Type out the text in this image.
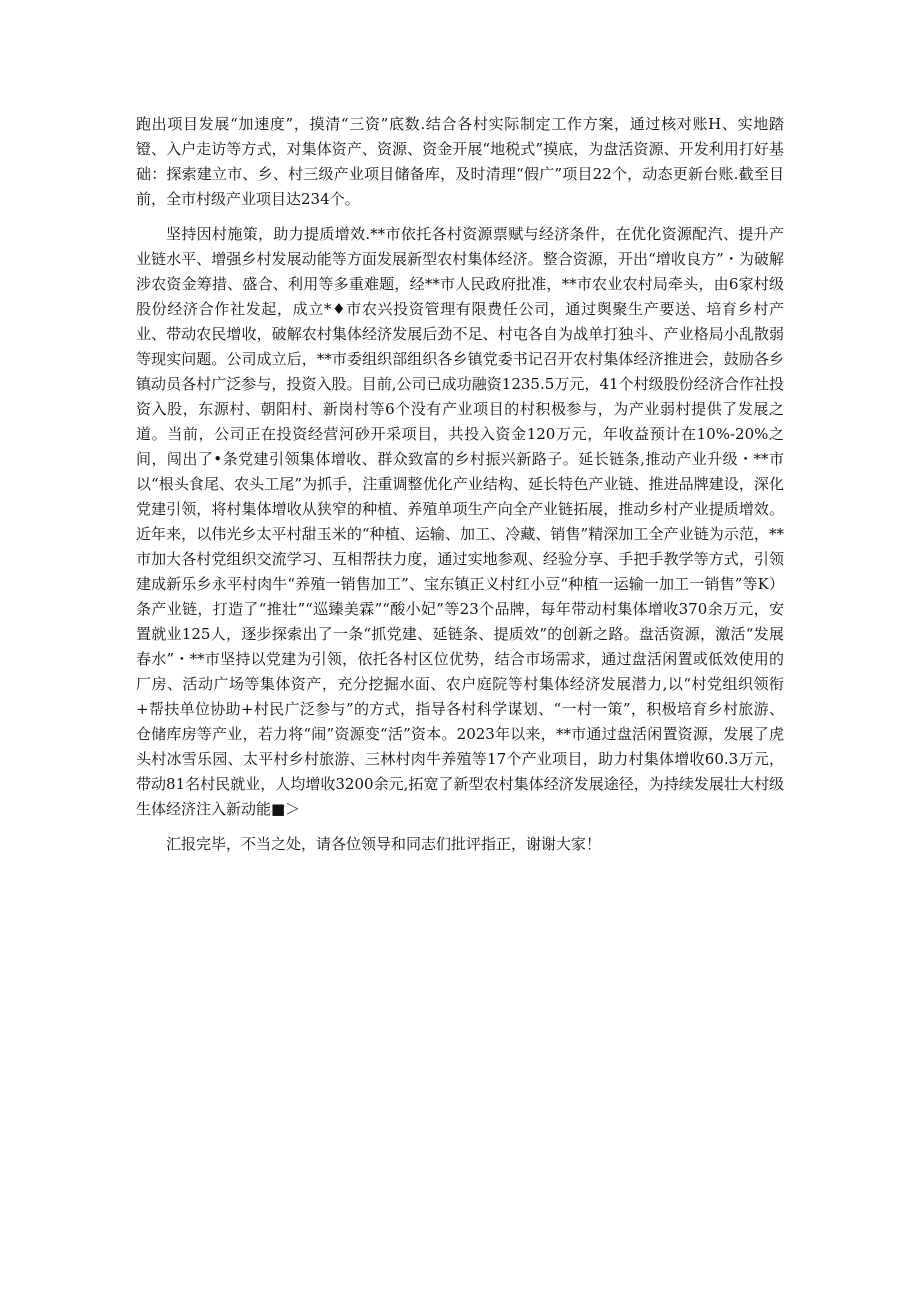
跑出项目发展“加速度”，摸清“三资”底数.结合各村实际制定工作方案，通过核对账H、实地踏镫、入户走访等方式，对集体资产、资源、资金开展“地税式”摸底，为盘活资源、开发利用打好基础：探索建立市、乡、村三级产业项目储备库，及时清理“假广”项目22个，动态更新台账.截至目前，全市村级产业项目达234个。

坚持因村施策，助力提质增效.**市依托各村资源票赋与经济条件，在优化资源配汽、提升产业链水平、增强乡村发展动能等方面发展新型农村集体经济。整合资源，开出“增收良方”・为破解涉农资金筹措、盛合、利用等多重难题，经**市人民政府批准，**市农业农村局牵头，由6家村级股份经济合作社发起，成立*♦市农兴投资管理有限费任公司，通过舆聚生产要送、培育乡村产业、带动农民增收，破解农村集体经济发展后劲不足、村屯各自为战单打独斗、产业格局小乱散弱等现实问题。公司成立后，**市委组织部组织各乡镇党委书记召开农村集体经济推进会，鼓励各乡镇动员各村广泛参与，投资入股。目前,公司已成功融资1235.5万元，41个村级股份经济合作社投资入股，东源村、朝阳村、新岗村等6个没有产业项目的村积极参与，为产业弱村提供了发展之道。当前，公司正在投资经营河砂开采项目，共投入资金120万元，年收益预计在10%-20%之间，闯出了•条党建引领集体增收、群众致富的乡村振兴新路子。延长链条,推动产业升级・**市以“根头食尾、农头工尾”为抓手，注重调整优化产业结构、延长特色产业链、推进品牌建设，深化党建引领，将村集体增收从狭窄的种植、养殖单项生产向全产业链拓展，推动乡村产业提质增效。近年来，以伟光乡太平村甜玉米的“种植、运输、加工、冷藏、销售”精深加工全产业链为示范，**市加大各村党组织交流学习、互相帮扶力度，通过实地参观、经验分享、手把手教学等方式，引领建成新乐乡永平村肉牛“养殖一销售加工”、宝东镇正义村红小豆“种植一运输一加工一销售”等K）条产业链，打造了“推壮”“巡臻美霖”“酸小妃”等23个品牌，每年带动村集体增收370余万元，安置就业125人，逐步探索出了一条“抓党建、延链条、提质效”的创新之路。盘活资源，激活“发展春水”・**市坚持以党建为引领，依托各村区位优势，结合市场需求，通过盘活闲置或低效使用的厂房、活动广场等集体资产，充分挖掘水面、农户庭院等村集体经济发展潜力,以“村党组织领衔+帮扶单位协助+村民广泛参与”的方式，指导各村科学谋划、“一村一策”，积极培育乡村旅游、仓储库房等产业，若力将“闹”资源变“活”资本。2023年以来，**市通过盘活闲置资源，发展了虎头村冰雪乐园、太平村乡村旅游、三林村肉牛养殖等17个产业项目，助力村集体增收60.3万元，带动81名村民就业，人均增收3200余元,拓宽了新型农村集体经济发展途径，为持续发展壮大村级生体经济注入新动能■＞

汇报完毕，不当之处，请各位领导和同志们批评指正，谢谢大家！
